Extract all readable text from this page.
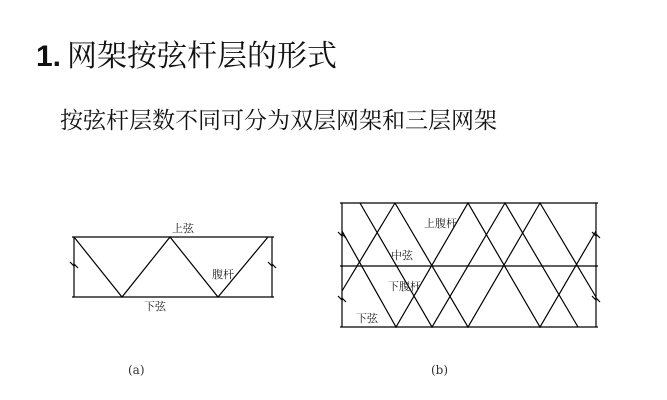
1. 网架按弦杆层的形式
按弦杆层数不同可分为双层网架和三层网架
上弦
腹杆
下弦
(a)
上腹杆
中弦
下腹杆
下弦
(b)
